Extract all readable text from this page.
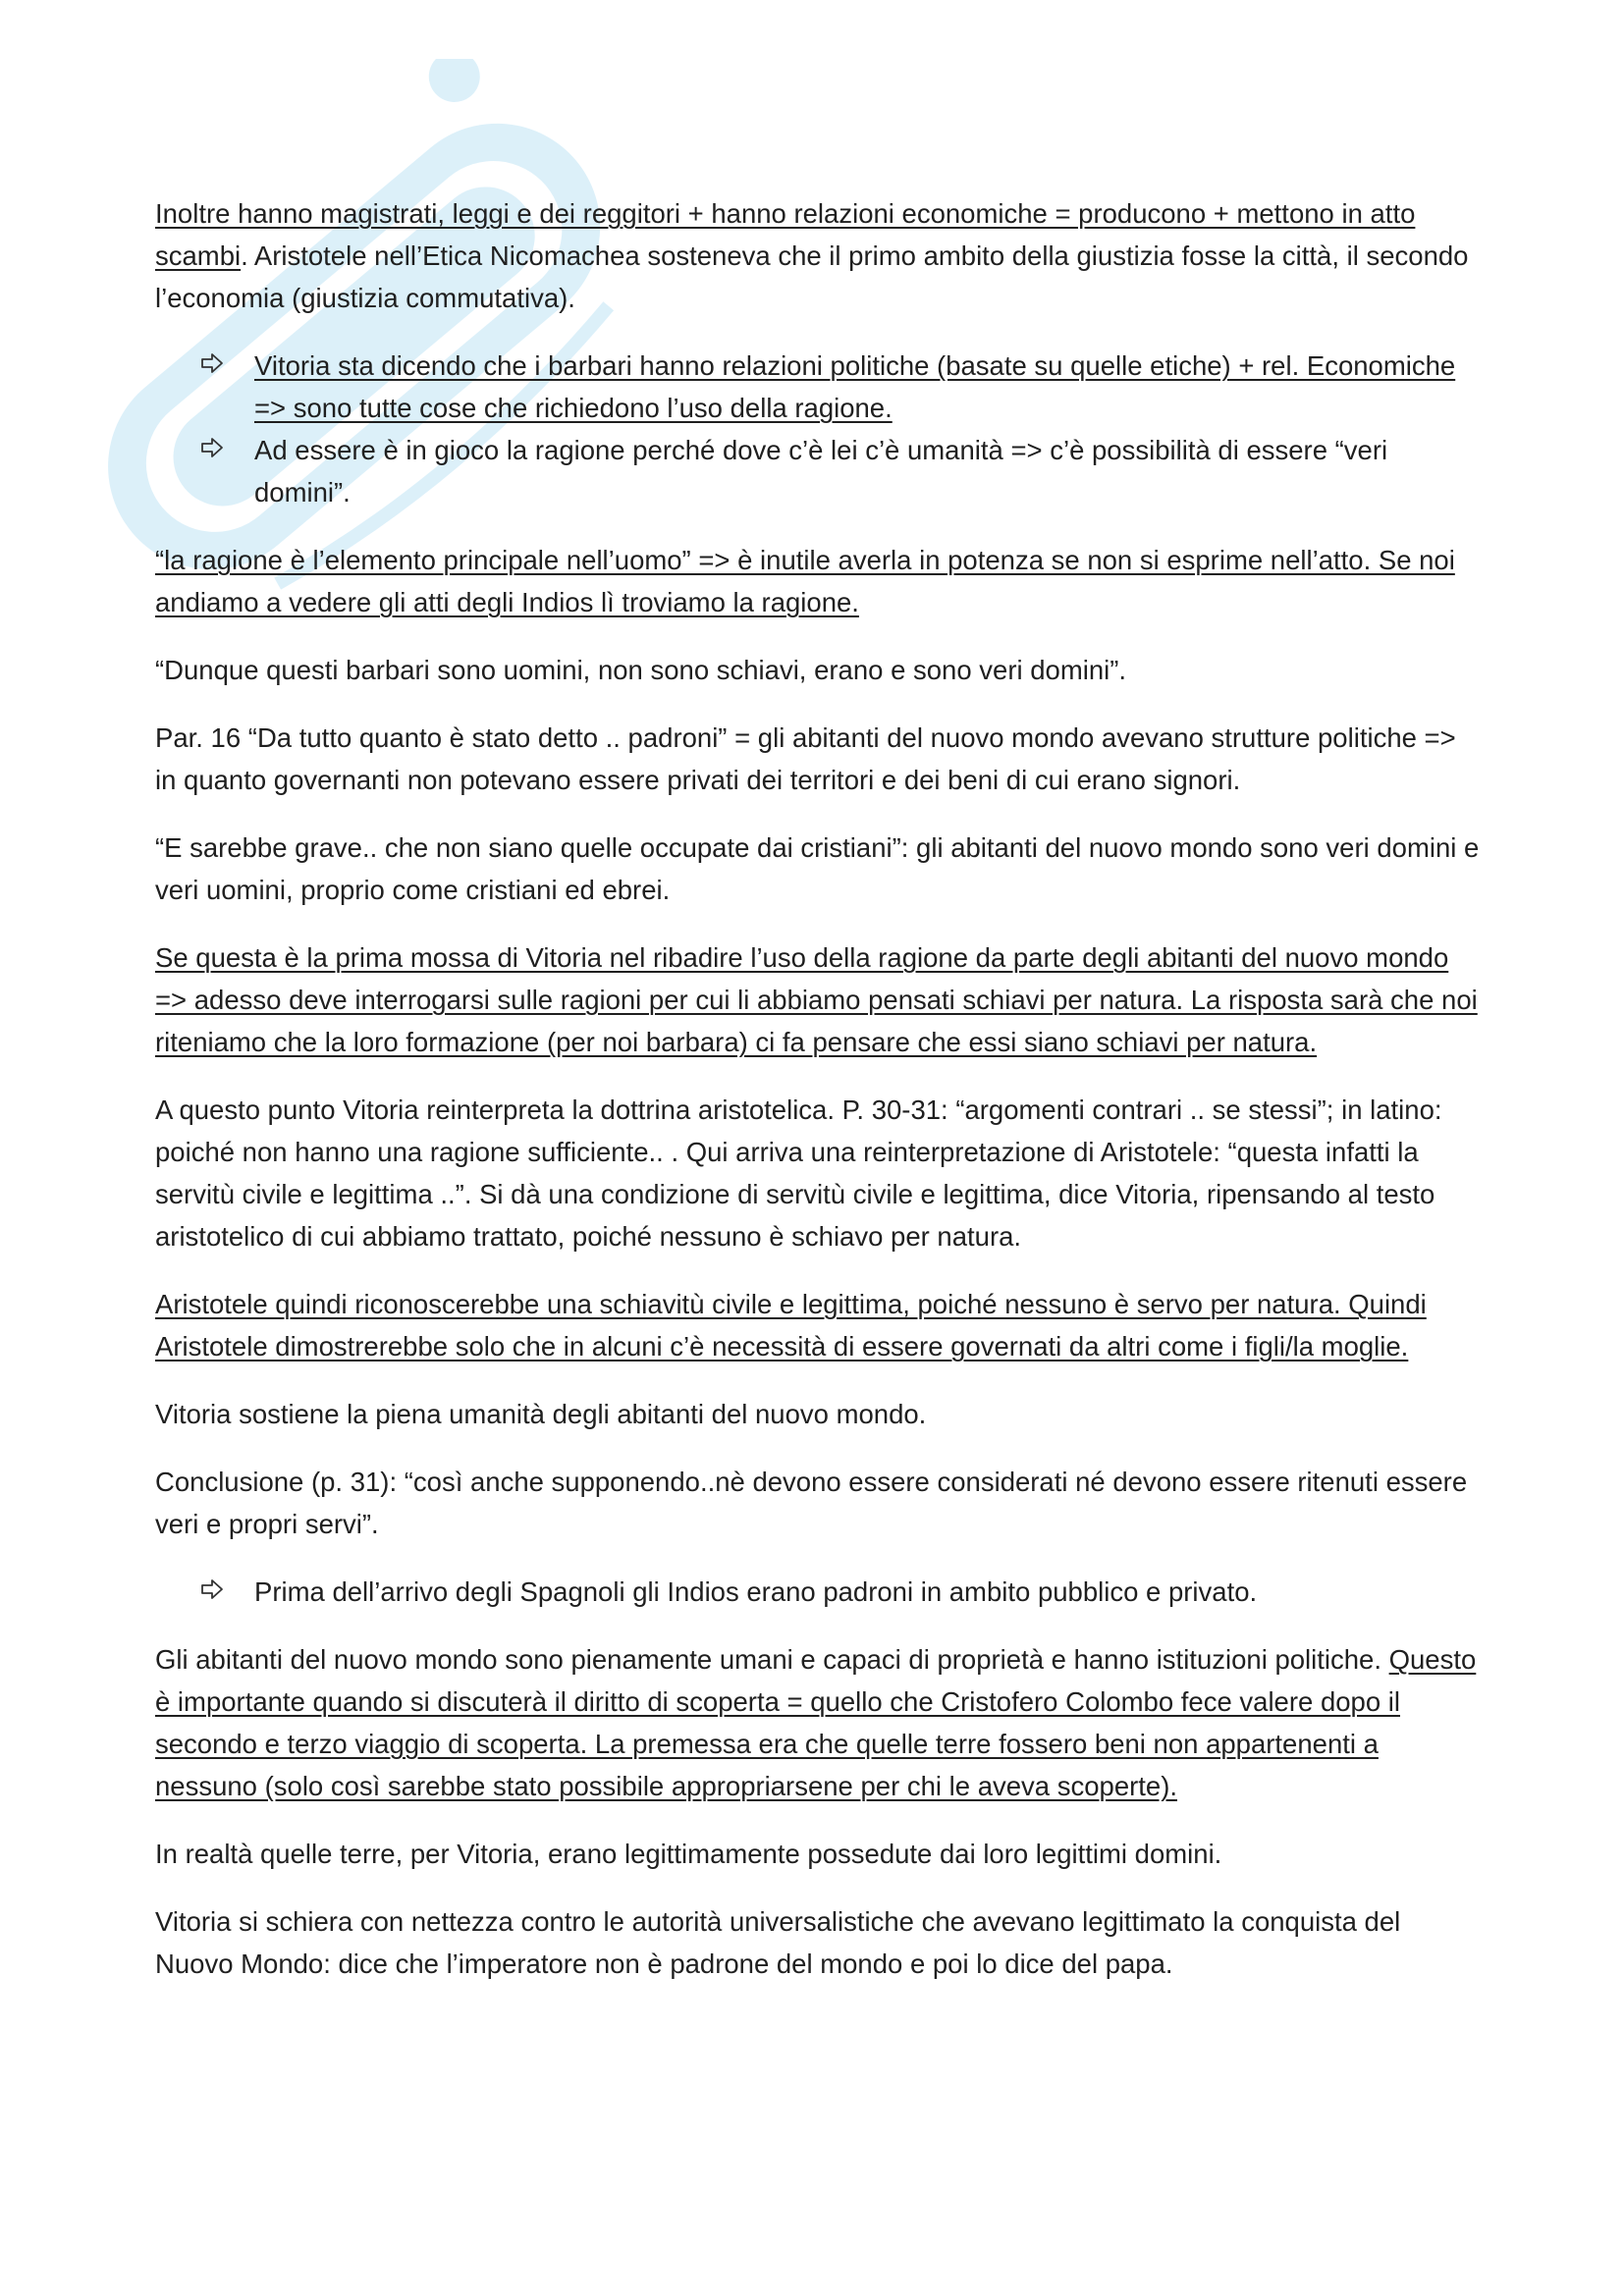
Inoltre hanno magistrati, leggi e dei reggitori + hanno relazioni economiche = producono + mettono in atto scambi. Aristotele nell’Etica Nicomachea sosteneva che il primo ambito della giustizia fosse la città, il secondo l’economia (giustizia commutativa).

Vitoria sta dicendo che i barbari hanno relazioni politiche (basate su quelle etiche) + rel. Economiche => sono tutte cose che richiedono l’uso della ragione.
Ad essere è in gioco la ragione perché dove c’è lei c’è umanità => c’è possibilità di essere “veri domini”.

“la ragione è l’elemento principale nell’uomo” => è inutile averla in potenza se non si esprime nell’atto. Se noi andiamo a vedere gli atti degli Indios lì troviamo la ragione.

“Dunque questi barbari sono uomini, non sono schiavi, erano e sono veri domini”.

Par. 16 “Da tutto quanto è stato detto .. padroni” = gli abitanti del nuovo mondo avevano strutture politiche => in quanto governanti non potevano essere privati dei territori e dei beni di cui erano signori.

“E sarebbe grave.. che non siano quelle occupate dai cristiani”: gli abitanti del nuovo mondo sono veri domini e veri uomini, proprio come cristiani ed ebrei.

Se questa è la prima mossa di Vitoria nel ribadire l’uso della ragione da parte degli abitanti del nuovo mondo => adesso deve interrogarsi sulle ragioni per cui li abbiamo pensati schiavi per natura. La risposta sarà che noi riteniamo che la loro formazione (per noi barbara) ci fa pensare che essi siano schiavi per natura.

A questo punto Vitoria reinterpreta la dottrina aristotelica. P. 30-31: “argomenti contrari .. se stessi”; in latino: poiché non hanno una ragione sufficiente.. . Qui arriva una reinterpretazione di Aristotele: “questa infatti la servitù civile e legittima ..”. Si dà una condizione di servitù civile e legittima, dice Vitoria, ripensando al testo aristotelico di cui abbiamo trattato, poiché nessuno è schiavo per natura.

Aristotele quindi riconoscerebbe una schiavitù civile e legittima, poiché nessuno è servo per natura. Quindi Aristotele dimostrerebbe solo che in alcuni c’è necessità di essere governati da altri come i figli/la moglie.

Vitoria sostiene la piena umanità degli abitanti del nuovo mondo.

Conclusione (p. 31): “così anche supponendo..nè devono essere considerati né devono essere ritenuti essere veri e propri servi”.

Prima dell’arrivo degli Spagnoli gli Indios erano padroni in ambito pubblico e privato.

Gli abitanti del nuovo mondo sono pienamente umani e capaci di proprietà e hanno istituzioni politiche. Questo è importante quando si discuterà il diritto di scoperta = quello che Cristofero Colombo fece valere dopo il secondo e terzo viaggio di scoperta. La premessa era che quelle terre fossero beni non appartenenti a nessuno (solo così sarebbe stato possibile appropriarsene per chi le aveva scoperte).

In realtà quelle terre, per Vitoria, erano legittimamente possedute dai loro legittimi domini.

Vitoria si schiera con nettezza contro le autorità universalistiche che avevano legittimato la conquista del Nuovo Mondo: dice che l’imperatore non è padrone del mondo e poi lo dice del papa.
